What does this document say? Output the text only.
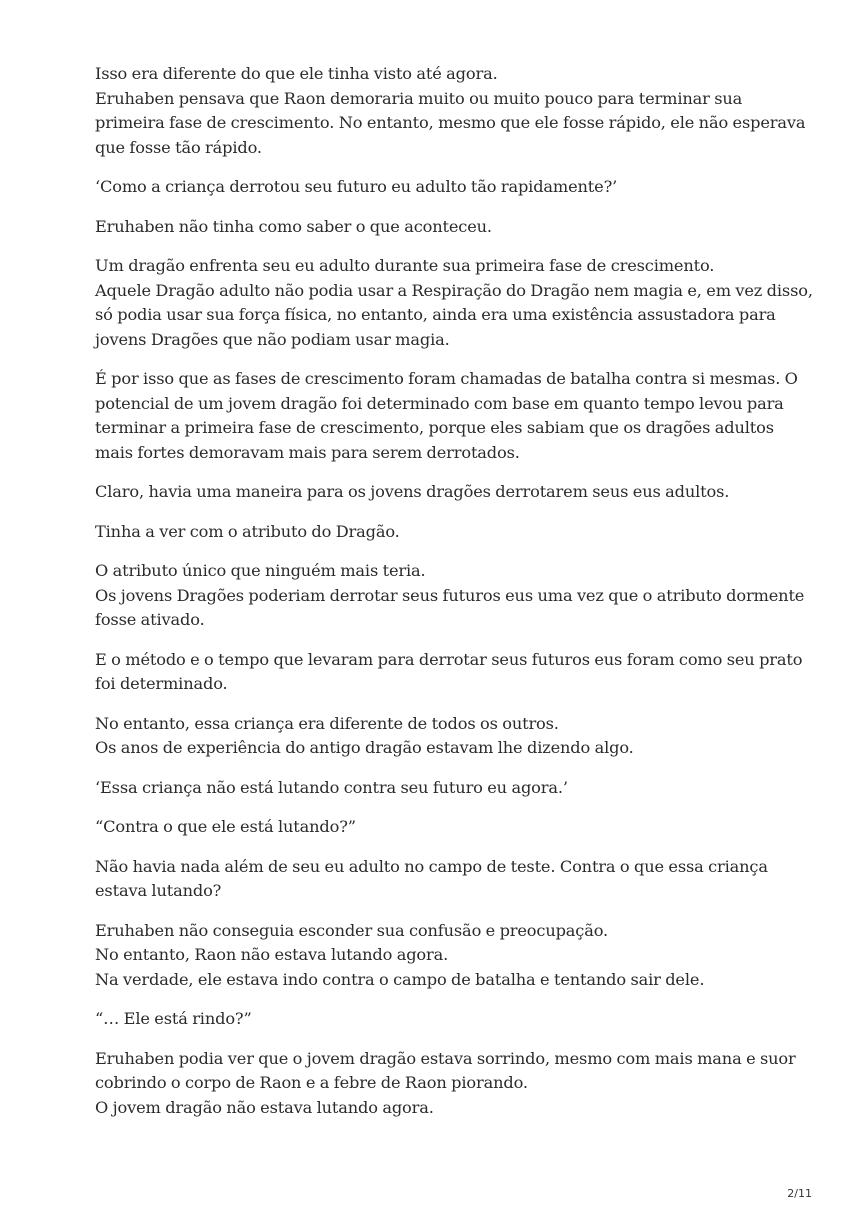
Isso era diferente do que ele tinha visto até agora.
Eruhaben pensava que Raon demoraria muito ou muito pouco para terminar sua
primeira fase de crescimento. No entanto, mesmo que ele fosse rápido, ele não esperava
que fosse tão rápido.

‘Como a criança derrotou seu futuro eu adulto tão rapidamente?’

Eruhaben não tinha como saber o que aconteceu.

Um dragão enfrenta seu eu adulto durante sua primeira fase de crescimento.
Aquele Dragão adulto não podia usar a Respiração do Dragão nem magia e, em vez disso,
só podia usar sua força física, no entanto, ainda era uma existência assustadora para
jovens Dragões que não podiam usar magia.

É por isso que as fases de crescimento foram chamadas de batalha contra si mesmas. O
potencial de um jovem dragão foi determinado com base em quanto tempo levou para
terminar a primeira fase de crescimento, porque eles sabiam que os dragões adultos
mais fortes demoravam mais para serem derrotados.

Claro, havia uma maneira para os jovens dragões derrotarem seus eus adultos.

Tinha a ver com o atributo do Dragão.

O atributo único que ninguém mais teria.
Os jovens Dragões poderiam derrotar seus futuros eus uma vez que o atributo dormente
fosse ativado.

E o método e o tempo que levaram para derrotar seus futuros eus foram como seu prato
foi determinado.

No entanto, essa criança era diferente de todos os outros.
Os anos de experiência do antigo dragão estavam lhe dizendo algo.

‘Essa criança não está lutando contra seu futuro eu agora.’

“Contra o que ele está lutando?”

Não havia nada além de seu eu adulto no campo de teste. Contra o que essa criança
estava lutando?

Eruhaben não conseguia esconder sua confusão e preocupação.
No entanto, Raon não estava lutando agora.
Na verdade, ele estava indo contra o campo de batalha e tentando sair dele.

“… Ele está rindo?”

Eruhaben podia ver que o jovem dragão estava sorrindo, mesmo com mais mana e suor
cobrindo o corpo de Raon e a febre de Raon piorando.
O jovem dragão não estava lutando agora.

2/11
